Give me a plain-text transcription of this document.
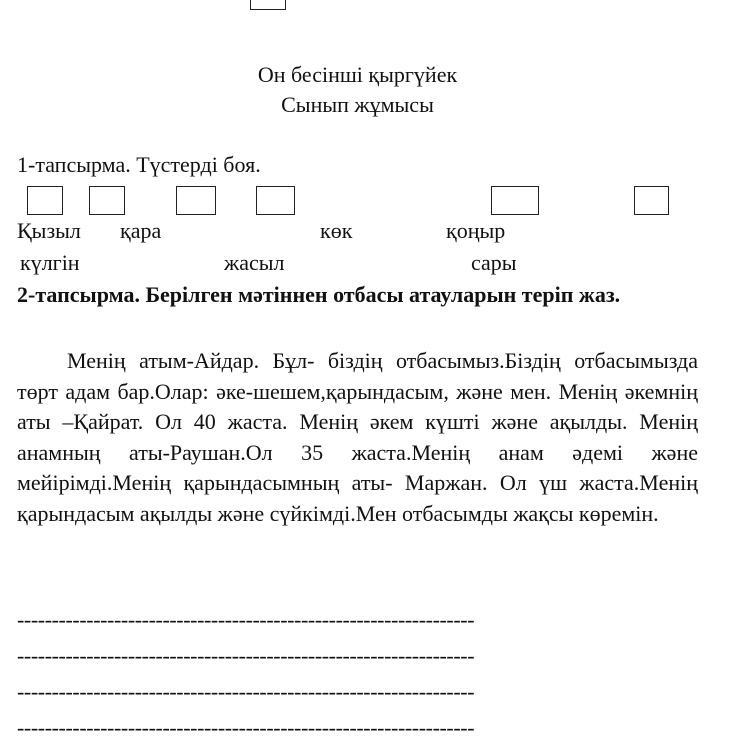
Он бесінші қыргүйек
Сынып жұмысы
1-тапсырма. Түстерді боя.
Қызыл қара	көк	қоңыр
күлгін	жасыл	сары
2-тапсырма. Берілген мәтіннен отбасы атауларын теріп жаз.

Менің атым-Айдар. Бұл- біздің отбасымыз.Біздің отбасымызда төрт адам бар.Олар: әке-шешем,қарындасым, және мен. Менің әкемнің аты –Қайрат. Ол 40 жаста. Менің әкем күшті және ақылды. Менің анамның аты-Раушан.Ол 35 жаста.Менің анам әдемі және мейірімді.Менің қарындасымның аты- Маржан. Ол үш жаста.Менің қарындасым ақылды және сүйкімді.Мен отбасымды жақсы көремін.

------------------------------------------------------------------
------------------------------------------------------------------
------------------------------------------------------------------
------------------------------------------------------------------
